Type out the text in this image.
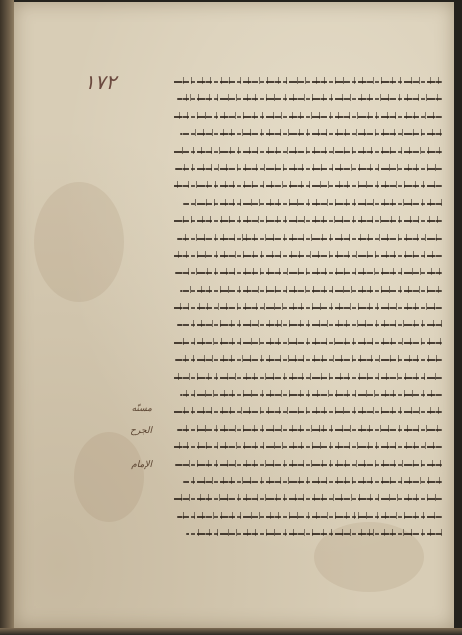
١٧٢
مسنّه
الجرح
الإمام
